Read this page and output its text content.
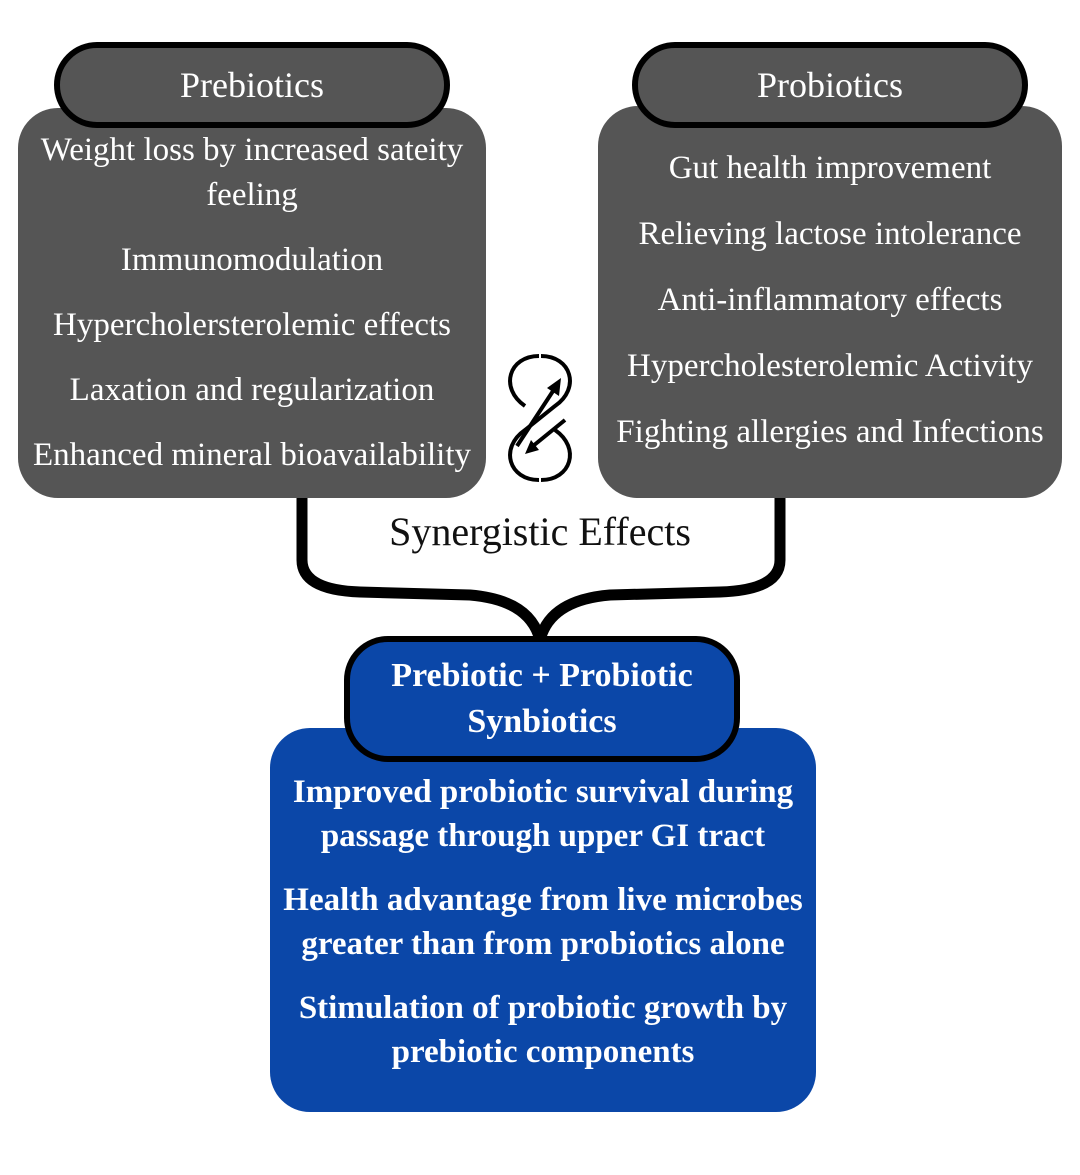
Weight loss by increased sateity feeling
Immunomodulation
Hypercholersterolemic effects
Laxation and regularization
Enhanced mineral bioavailability
Prebiotics
Gut health improvement
Relieving lactose intolerance
Anti-inflammatory effects
Hypercholesterolemic Activity
Fighting allergies and Infections
Probiotics
Synergistic Effects
Improved probiotic survival during passage through upper GI tract
Health advantage from live microbes greater than from probiotics alone
Stimulation of probiotic growth by prebiotic components
Prebiotic + Probiotic
Synbiotics
